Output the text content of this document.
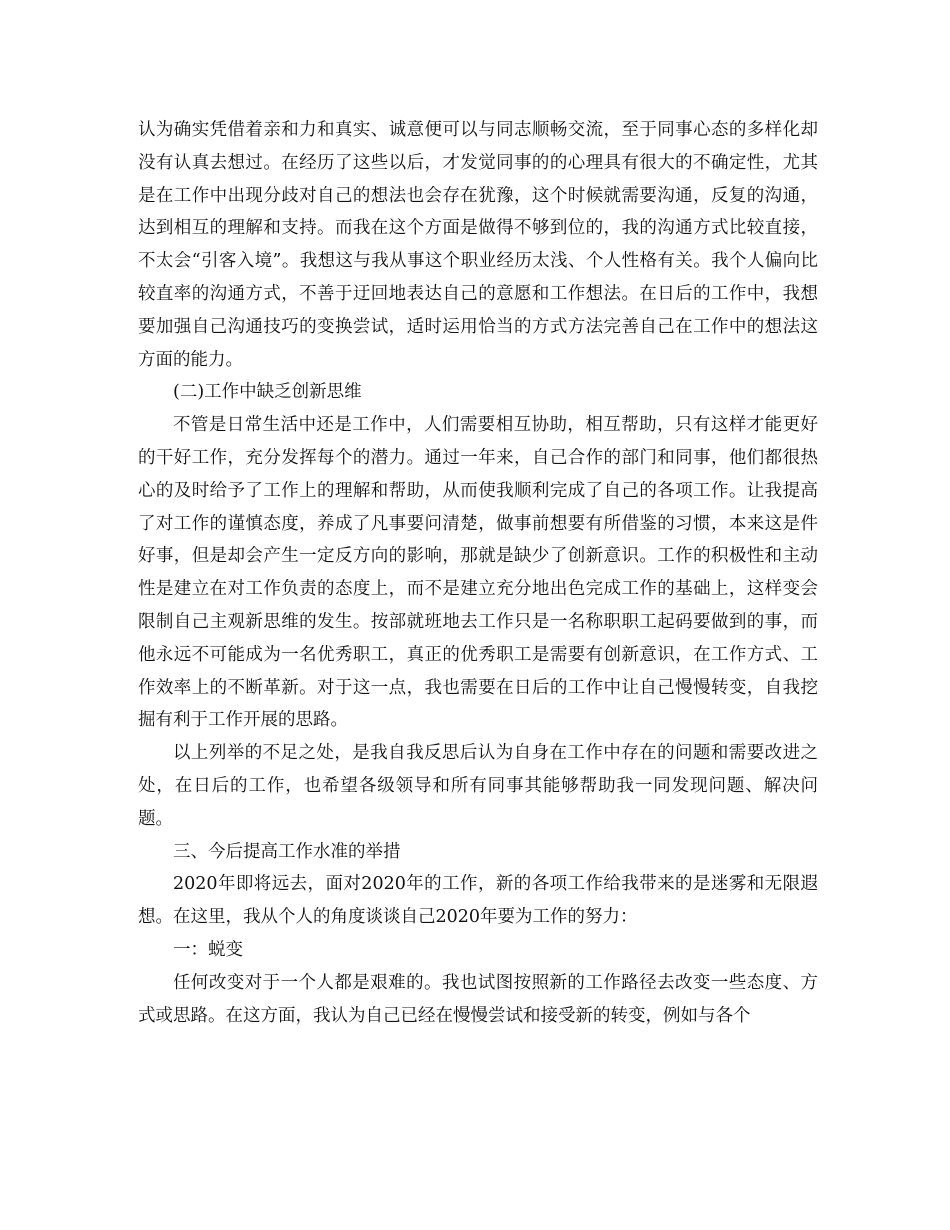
认为确实凭借着亲和力和真实、诚意便可以与同志顺畅交流，至于同事心态的多样化却没有认真去想过。在经历了这些以后，才发觉同事的的心理具有很大的不确定性，尤其是在工作中出现分歧对自己的想法也会存在犹豫，这个时候就需要沟通，反复的沟通，达到相互的理解和支持。而我在这个方面是做得不够到位的，我的沟通方式比较直接，不太会“引客入境”。我想这与我从事这个职业经历太浅、个人性格有关。我个人偏向比较直率的沟通方式，不善于迂回地表达自己的意愿和工作想法。在日后的工作中，我想要加强自己沟通技巧的变换尝试，适时运用恰当的方式方法完善自己在工作中的想法这方面的能力。

(二)工作中缺乏创新思维

不管是日常生活中还是工作中，人们需要相互协助，相互帮助，只有这样才能更好的干好工作，充分发挥每个的潜力。通过一年来，自己合作的部门和同事，他们都很热心的及时给予了工作上的理解和帮助，从而使我顺利完成了自己的各项工作。让我提高了对工作的谨慎态度，养成了凡事要问清楚，做事前想要有所借鉴的习惯，本来这是件好事，但是却会产生一定反方向的影响，那就是缺少了创新意识。工作的积极性和主动性是建立在对工作负责的态度上，而不是建立充分地出色完成工作的基础上，这样变会限制自己主观新思维的发生。按部就班地去工作只是一名称职职工起码要做到的事，而他永远不可能成为一名优秀职工，真正的优秀职工是需要有创新意识，在工作方式、工作效率上的不断革新。对于这一点，我也需要在日后的工作中让自己慢慢转变，自我挖掘有利于工作开展的思路。

以上列举的不足之处，是我自我反思后认为自身在工作中存在的问题和需要改进之处，在日后的工作，也希望各级领导和所有同事其能够帮助我一同发现问题、解决问题。

三、今后提高工作水准的举措

2020年即将远去，面对2020年的工作，新的各项工作给我带来的是迷雾和无限遐想。在这里，我从个人的角度谈谈自己2020年要为工作的努力：

一：蜕变

任何改变对于一个人都是艰难的。我也试图按照新的工作路径去改变一些态度、方式或思路。在这方面，我认为自己已经在慢慢尝试和接受新的转变，例如与各个
